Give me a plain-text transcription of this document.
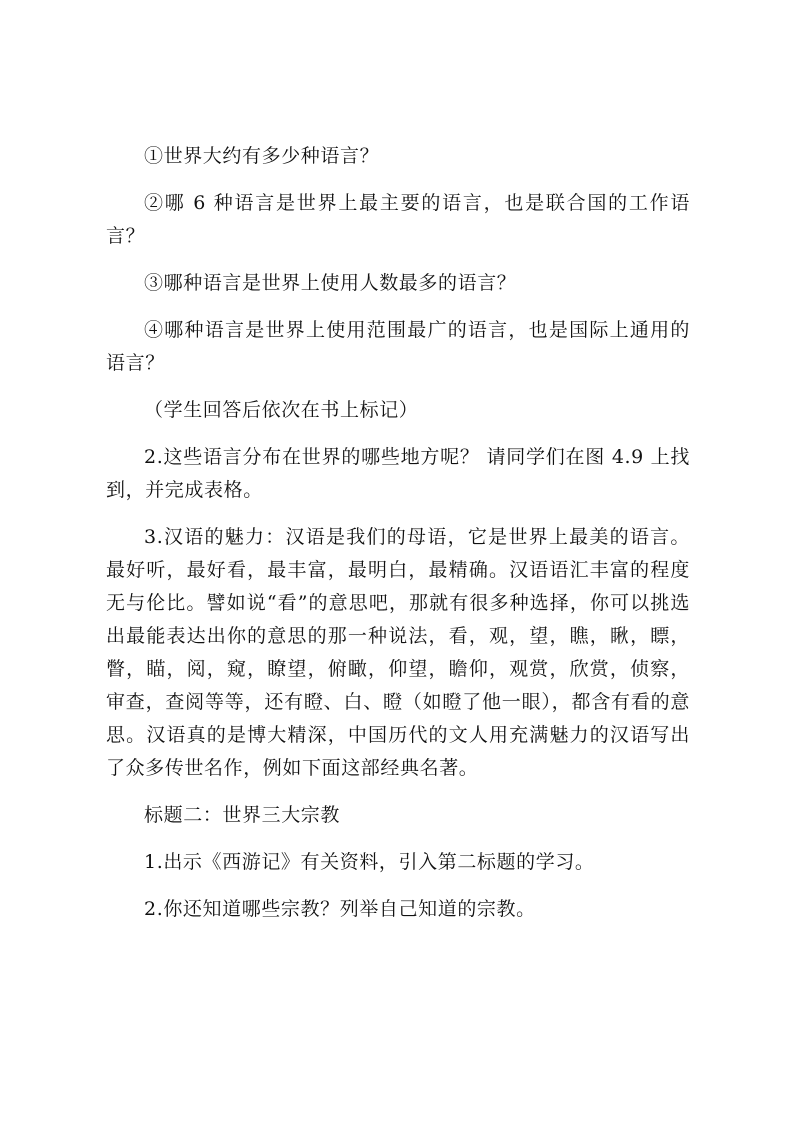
①世界大约有多少种语言？

②哪 6 种语言是世界上最主要的语言，也是联合国的工作语言？

③哪种语言是世界上使用人数最多的语言？

④哪种语言是世界上使用范围最广的语言，也是国际上通用的语言？

（学生回答后依次在书上标记）

2.这些语言分布在世界的哪些地方呢？ 请同学们在图 4.9 上找到，并完成表格。

3.汉语的魅力：汉语是我们的母语，它是世界上最美的语言。最好听，最好看，最丰富，最明白，最精确。汉语语汇丰富的程度无与伦比。譬如说“看”的意思吧，那就有很多种选择，你可以挑选出最能表达出你的意思的那一种说法，看，观，望，瞧，瞅，瞟，瞥，瞄，阅，窥，瞭望，俯瞰，仰望，瞻仰，观赏，欣赏，侦察，审查，查阅等等，还有瞪、白、瞪（如瞪了他一眼），都含有看的意思。汉语真的是博大精深，中国历代的文人用充满魅力的汉语写出了众多传世名作，例如下面这部经典名著。

标题二：世界三大宗教

1.出示《西游记》有关资料，引入第二标题的学习。

2.你还知道哪些宗教？列举自己知道的宗教。
